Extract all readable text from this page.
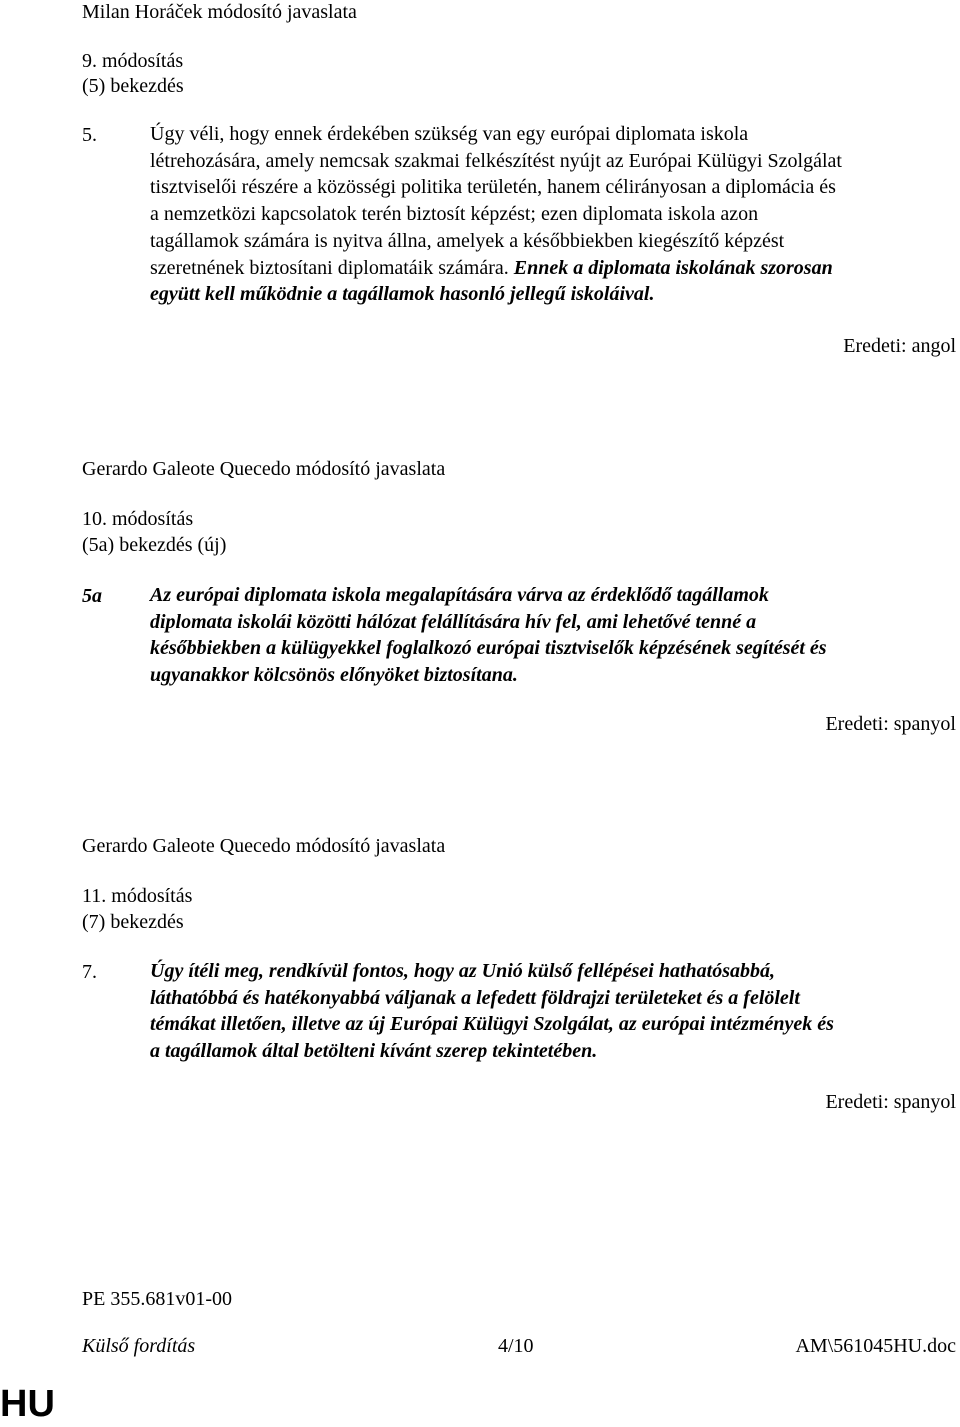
Milan Horáček módosító javaslata
9. módosítás
(5) bekezdés
5.	Úgy véli, hogy ennek érdekében szükség van egy európai diplomata iskola
létrehozására, amely nemcsak szakmai felkészítést nyújt az Európai Külügyi Szolgálat
tisztviselői részére a közösségi politika területén, hanem célirányosan a diplomácia és
a nemzetközi kapcsolatok terén biztosít képzést; ezen diplomata iskola azon
tagállamok számára is nyitva állna, amelyek a későbbiekben kiegészítő képzést
szeretnének biztosítani diplomatáik számára. Ennek a diplomata iskolának szorosan
együtt kell működnie a tagállamok hasonló jellegű iskoláival.
Eredeti: angol
Gerardo Galeote Quecedo módosító javaslata
10. módosítás
(5a) bekezdés (új)
5a Az európai diplomata iskola megalapítására várva az érdeklődő tagállamok
diplomata iskolái közötti hálózat felállítására hív fel, ami lehetővé tenné a
későbbiekben a külügyekkel foglalkozó európai tisztviselők képzésének segítését és
ugyanakkor kölcsönös előnyöket biztosítana.
Eredeti: spanyol
Gerardo Galeote Quecedo módosító javaslata
11. módosítás
(7) bekezdés
7.	Úgy ítéli meg, rendkívül fontos, hogy az Unió külső fellépései hathatósabbá,
láthatóbbá és hatékonyabbá váljanak a lefedett földrajzi területeket és a felölelt
témákat illetően, illetve az új Európai Külügyi Szolgálat, az európai intézmények és
a tagállamok által betölteni kívánt szerep tekintetében.
Eredeti: spanyol
PE 355.681v01-00
Külső fordítás	4/10	AM\561045HU.doc
HU
